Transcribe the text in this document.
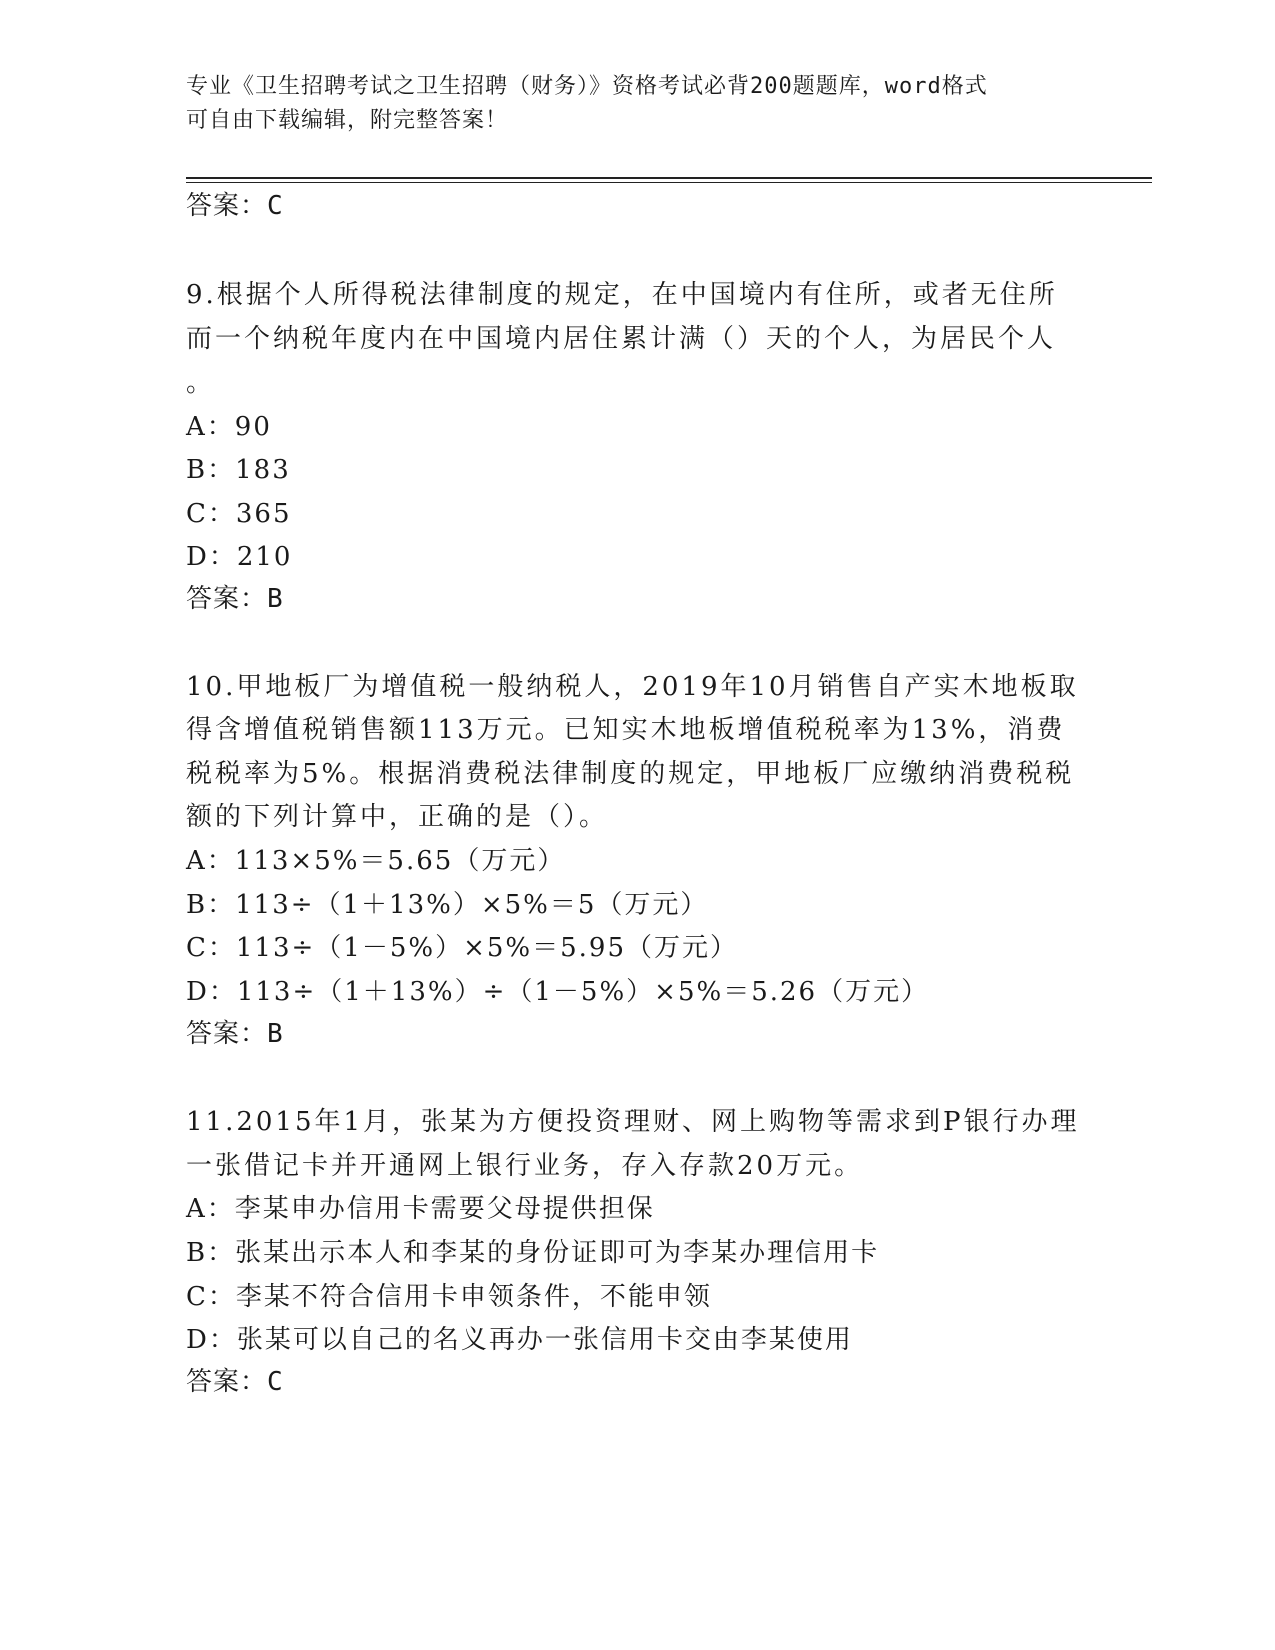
专业《卫生招聘考试之卫生招聘（财务）》资格考试必背200题题库，word格式
可自由下载编辑，附完整答案！
答案：C
9.根据个人所得税法律制度的规定，在中国境内有住所，或者无住所
而一个纳税年度内在中国境内居住累计满（）天的个人，为居民个人
。
A：90
B：183
C：365
D：210
答案：B
10.甲地板厂为增值税一般纳税人，2019年10月销售自产实木地板取
得含增值税销售额113万元。已知实木地板增值税税率为13%，消费
税税率为5%。根据消费税法律制度的规定，甲地板厂应缴纳消费税税
额的下列计算中，正确的是（）。
A：113×5%＝5.65（万元）
B：113÷（1＋13%）×5%＝5（万元）
C：113÷（1－5%）×5%＝5.95（万元）
D：113÷（1＋13%）÷（1－5%）×5%＝5.26（万元）
答案：B
11.2015年1月，张某为方便投资理财、网上购物等需求到P银行办理
一张借记卡并开通网上银行业务，存入存款20万元。
A：李某申办信用卡需要父母提供担保
B：张某出示本人和李某的身份证即可为李某办理信用卡
C：李某不符合信用卡申领条件，不能申领
D：张某可以自己的名义再办一张信用卡交由李某使用
答案：C
